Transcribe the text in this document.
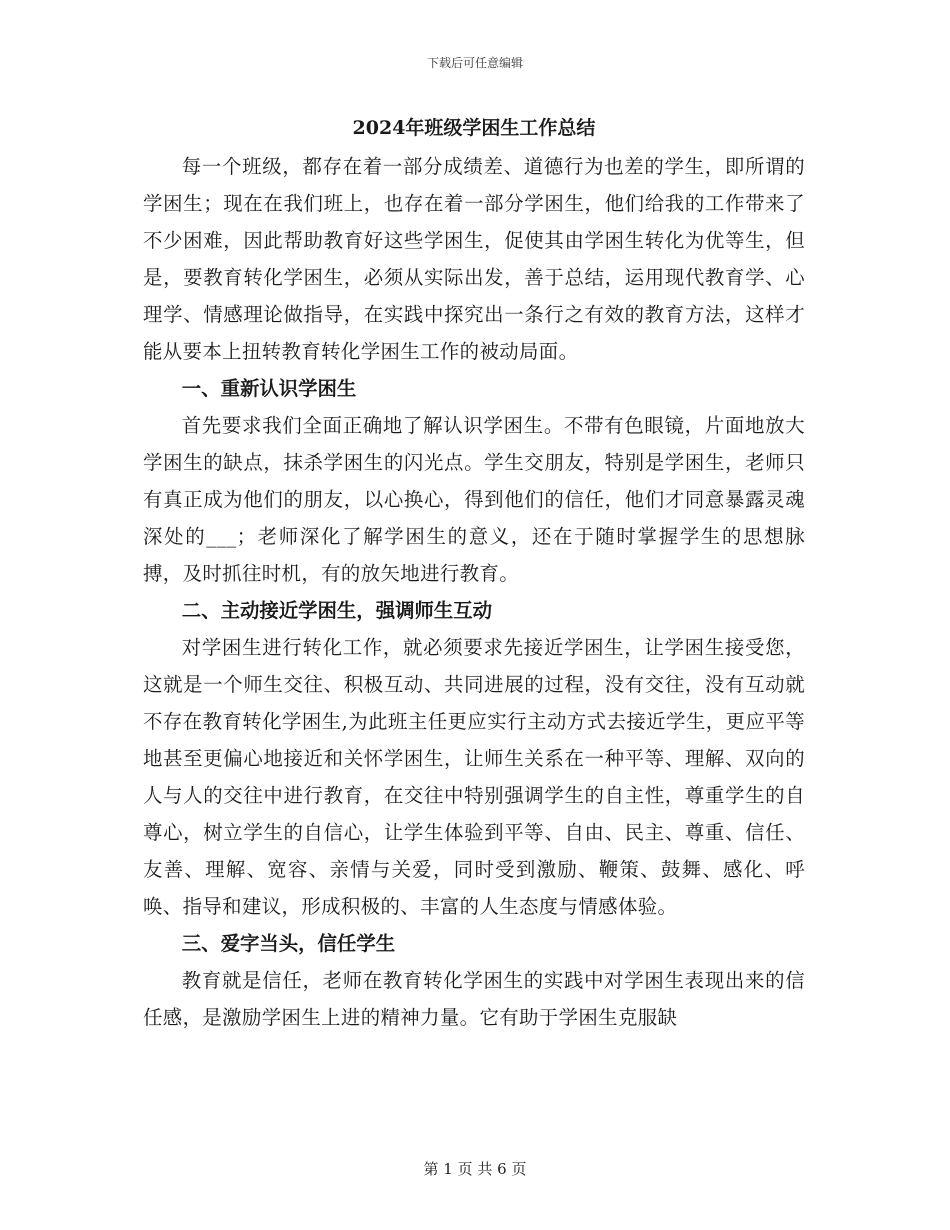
下载后可任意编辑
2024年班级学困生工作总结

每一个班级，都存在着一部分成绩差、道德行为也差的学生，即所谓的学困生；现在在我们班上，也存在着一部分学困生，他们给我的工作带来了不少困难，因此帮助教育好这些学困生，促使其由学困生转化为优等生，但是，要教育转化学困生，必须从实际出发，善于总结，运用现代教育学、心理学、情感理论做指导，在实践中探究出一条行之有效的教育方法，这样才能从要本上扭转教育转化学困生工作的被动局面。

一、重新认识学困生

首先要求我们全面正确地了解认识学困生。不带有色眼镜，片面地放大学困生的缺点，抹杀学困生的闪光点。学生交朋友，特别是学困生，老师只有真正成为他们的朋友，以心换心，得到他们的信任，他们才同意暴露灵魂深处的___；老师深化了解学困生的意义，还在于随时掌握学生的思想脉搏，及时抓往时机，有的放矢地进行教育。

二、主动接近学困生，强调师生互动

对学困生进行转化工作，就必须要求先接近学困生，让学困生接受您，这就是一个师生交往、积极互动、共同进展的过程，没有交往，没有互动就不存在教育转化学困生,为此班主任更应实行主动方式去接近学生，更应平等地甚至更偏心地接近和关怀学困生，让师生关系在一种平等、理解、双向的人与人的交往中进行教育，在交往中特别强调学生的自主性，尊重学生的自尊心，树立学生的自信心，让学生体验到平等、自由、民主、尊重、信任、友善、理解、宽容、亲情与关爱，同时受到激励、鞭策、鼓舞、感化、呼唤、指导和建议，形成积极的、丰富的人生态度与情感体验。

三、爱字当头，信任学生

教育就是信任，老师在教育转化学困生的实践中对学困生表现出来的信任感，是激励学困生上进的精神力量。它有助于学困生克服缺

第 1 页 共 6 页
